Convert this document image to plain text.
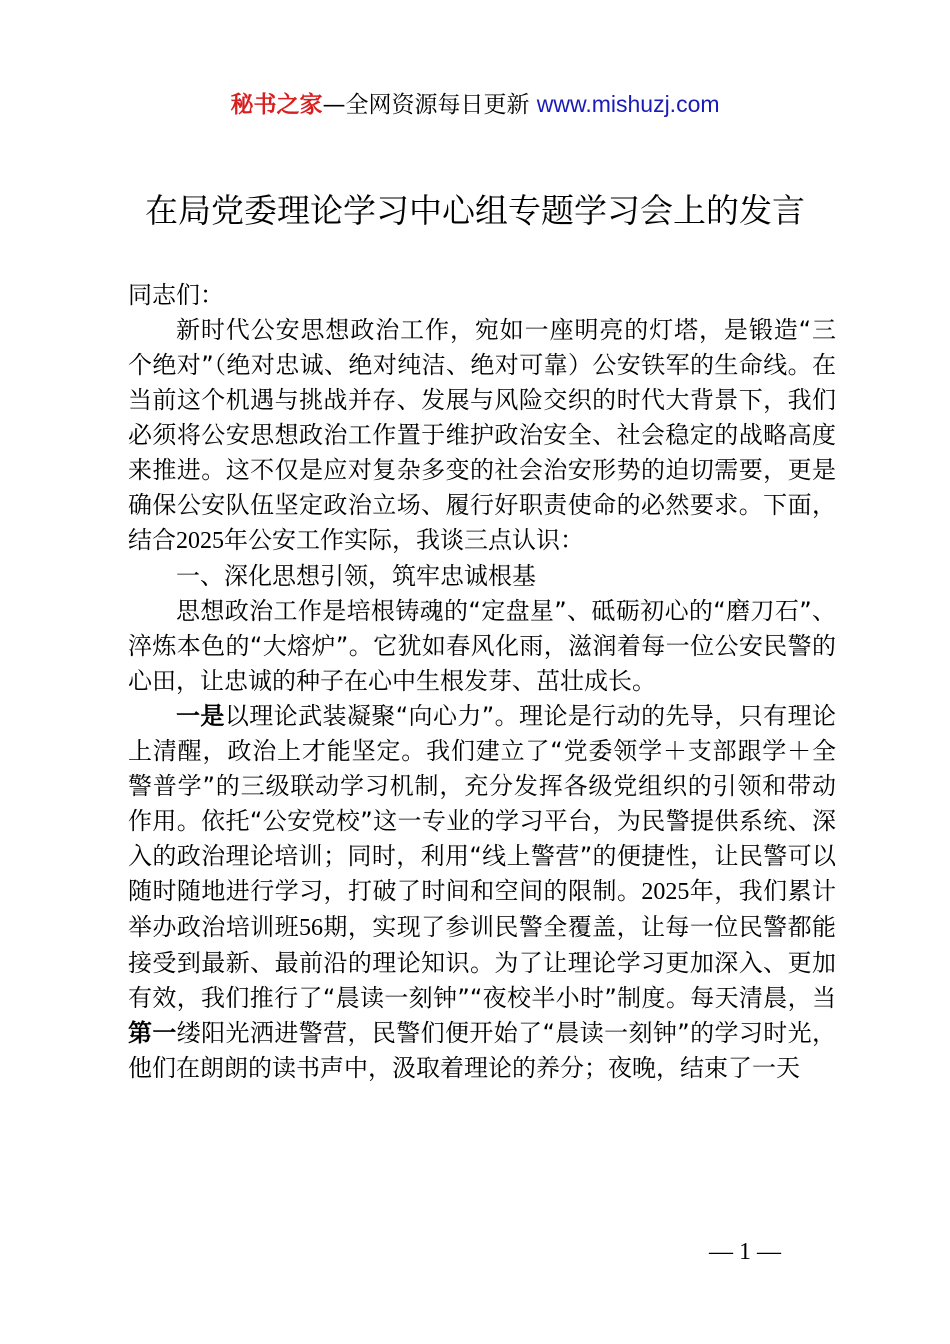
秘书之家—全网资源每日更新 www.mishuzj.com
在局党委理论学习中心组专题学习会上的发言

同志们：

新时代公安思想政治工作，宛如一座明亮的灯塔，是锻造“三个绝对”（绝对忠诚、绝对纯洁、绝对可靠）公安铁军的生命线。在当前这个机遇与挑战并存、发展与风险交织的时代大背景下，我们必须将公安思想政治工作置于维护政治安全、社会稳定的战略高度来推进。这不仅是应对复杂多变的社会治安形势的迫切需要，更是确保公安队伍坚定政治立场、履行好职责使命的必然要求。下面，结合2025年公安工作实际，我谈三点认识：

一、深化思想引领，筑牢忠诚根基

思想政治工作是培根铸魂的“定盘星”、砥砺初心的“磨刀石”、淬炼本色的“大熔炉”。它犹如春风化雨，滋润着每一位公安民警的心田，让忠诚的种子在心中生根发芽、茁壮成长。

一是以理论武装凝聚“向心力”。理论是行动的先导，只有理论上清醒，政治上才能坚定。我们建立了“党委领学＋支部跟学＋全警普学”的三级联动学习机制，充分发挥各级党组织的引领和带动作用。依托“公安党校”这一专业的学习平台，为民警提供系统、深入的政治理论培训；同时，利用“线上警营”的便捷性，让民警可以随时随地进行学习，打破了时间和空间的限制。2025年，我们累计举办政治培训班56期，实现了参训民警全覆盖，让每一位民警都能接受到最新、最前沿的理论知识。为了让理论学习更加深入、更加有效，我们推行了“晨读一刻钟”“夜校半小时”制度。每天清晨，当第一缕阳光洒进警营，民警们便开始了“晨读一刻钟”的学习时光，他们在朗朗的读书声中，汲取着理论的养分；夜晚，结束了一天

— 1 —
